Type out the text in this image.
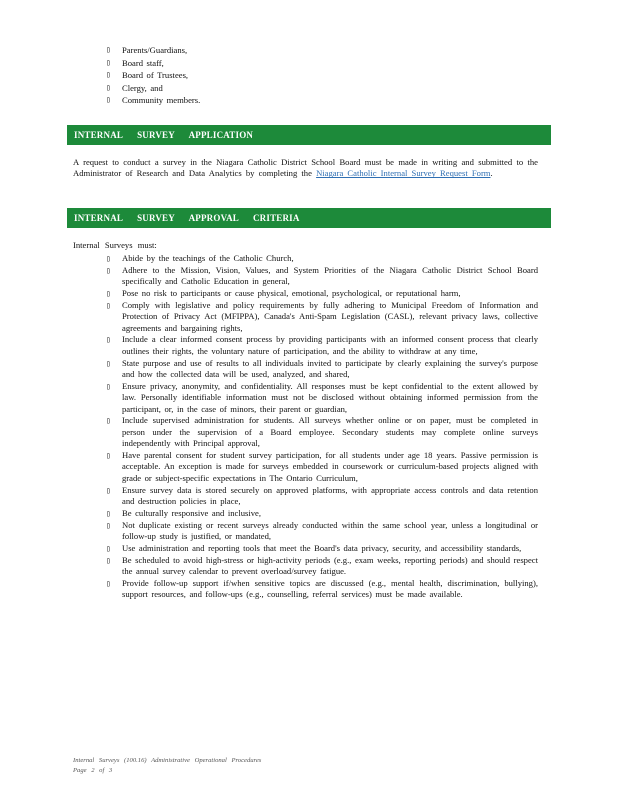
▯ Parents/Guardians,
▯ Board staff,
▯ Board of Trustees,
▯ Clergy, and
▯ Community members.
INTERNAL SURVEY APPLICATION
A request to conduct a survey in the Niagara Catholic District School Board must be made in writing and submitted to the Administrator of Research and Data Analytics by completing the Niagara Catholic Internal Survey Request Form.
INTERNAL SURVEY APPROVAL CRITERIA
Internal Surveys must:
▯ Abide by the teachings of the Catholic Church,
▯ Adhere to the Mission, Vision, Values, and System Priorities of the Niagara Catholic District School Board specifically and Catholic Education in general,
▯ Pose no risk to participants or cause physical, emotional, psychological, or reputational harm,
▯ Comply with legislative and policy requirements by fully adhering to Municipal Freedom of Information and Protection of Privacy Act (MFIPPA), Canada's Anti-Spam Legislation (CASL), relevant privacy laws, collective agreements and bargaining rights,
▯ Include a clear informed consent process by providing participants with an informed consent process that clearly outlines their rights, the voluntary nature of participation, and the ability to withdraw at any time,
▯ State purpose and use of results to all individuals invited to participate by clearly explaining the survey's purpose and how the collected data will be used, analyzed, and shared,
▯ Ensure privacy, anonymity, and confidentiality. All responses must be kept confidential to the extent allowed by law. Personally identifiable information must not be disclosed without obtaining informed permission from the participant, or, in the case of minors, their parent or guardian,
▯ Include supervised administration for students. All surveys whether online or on paper, must be completed in person under the supervision of a Board employee. Secondary students may complete online surveys independently with Principal approval,
▯ Have parental consent for student survey participation, for all students under age 18 years. Passive permission is acceptable. An exception is made for surveys embedded in coursework or curriculum-based projects aligned with grade or subject-specific expectations in The Ontario Curriculum,
▯ Ensure survey data is stored securely on approved platforms, with appropriate access controls and data retention and destruction policies in place,
▯ Be culturally responsive and inclusive,
▯ Not duplicate existing or recent surveys already conducted within the same school year, unless a longitudinal or follow-up study is justified, or mandated,
▯ Use administration and reporting tools that meet the Board's data privacy, security, and accessibility standards,
▯ Be scheduled to avoid high-stress or high-activity periods (e.g., exam weeks, reporting periods) and should respect the annual survey calendar to prevent overload/survey fatigue.
▯ Provide follow-up support if/when sensitive topics are discussed (e.g., mental health, discrimination, bullying), support resources, and follow-ups (e.g., counselling, referral services) must be made available.
Internal Surveys (100.16) Administrative Operational Procedures
Page 2 of 3
